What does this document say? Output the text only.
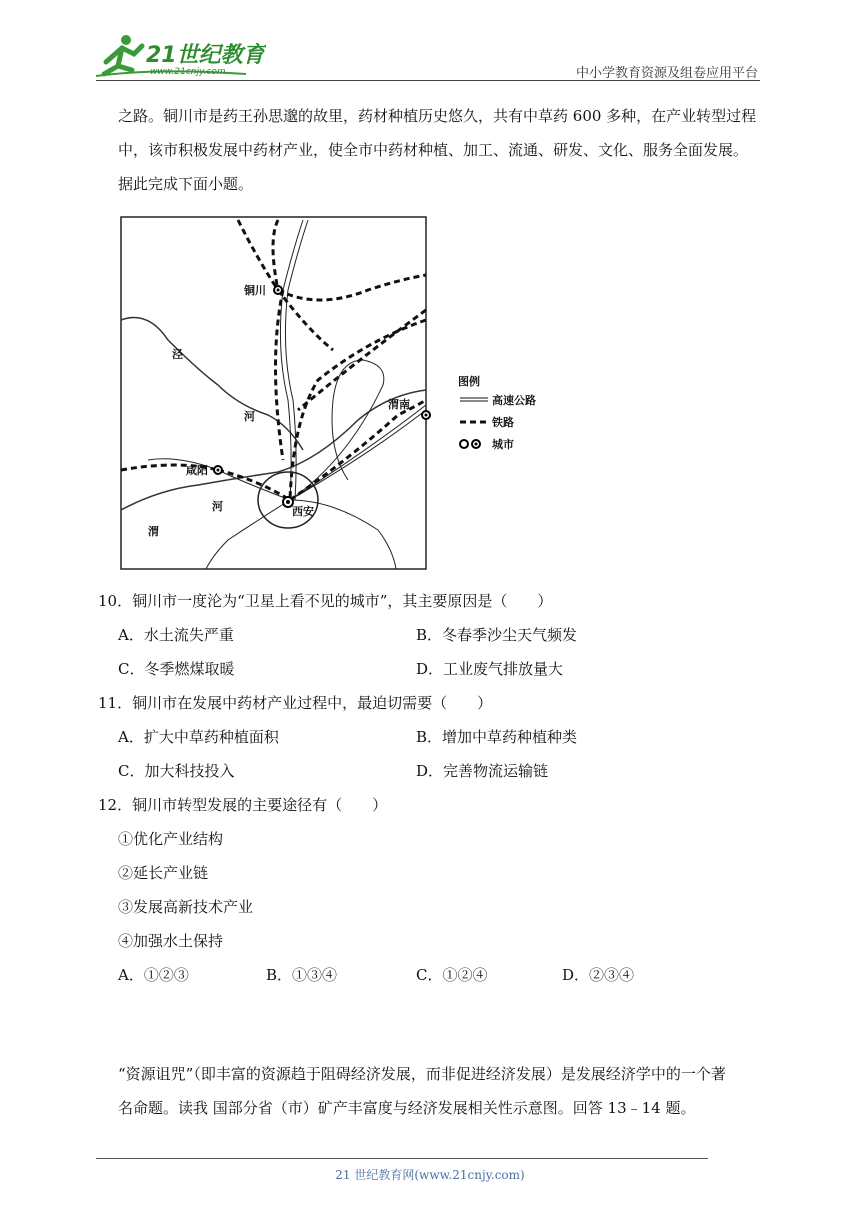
21世纪教育
www.21cnjy.com	中小学教育资源及组卷应用平台
之路。铜川市是药王孙思邈的故里，药材种植历史悠久，共有中草药 600 多种，在产业转型过程
中，该市积极发展中药材产业，使全市中药材种植、加工、流通、研发、文化、服务全面发展。
据此完成下面小题。
铜川
渭南
咸阳
西安
泾
河
河
渭
图例
高速公路
铁路
城市
10．铜川市一度沦为“卫星上看不见的城市”，其主要原因是（　　）
A．水土流失严重	B．冬春季沙尘天气频发
C．冬季燃煤取暖	D．工业废气排放量大
11．铜川市在发展中药材产业过程中，最迫切需要（　　）
A．扩大中草药种植面积	B．增加中草药种植种类
C．加大科技投入	D．完善物流运输链
12．铜川市转型发展的主要途径有（　　）
①优化产业结构
②延长产业链
③发展高新技术产业
④加强水土保持
A．①②③	B．①③④	C．①②④	D．②③④
“资源诅咒”（即丰富的资源趋于阻碍经济发展，而非促进经济发展）是发展经济学中的一个著
名命题。读我 国部分省（市）矿产丰富度与经济发展相关性示意图。回答 13﹣14 题。
21 世纪教育网(www.21cnjy.com)
